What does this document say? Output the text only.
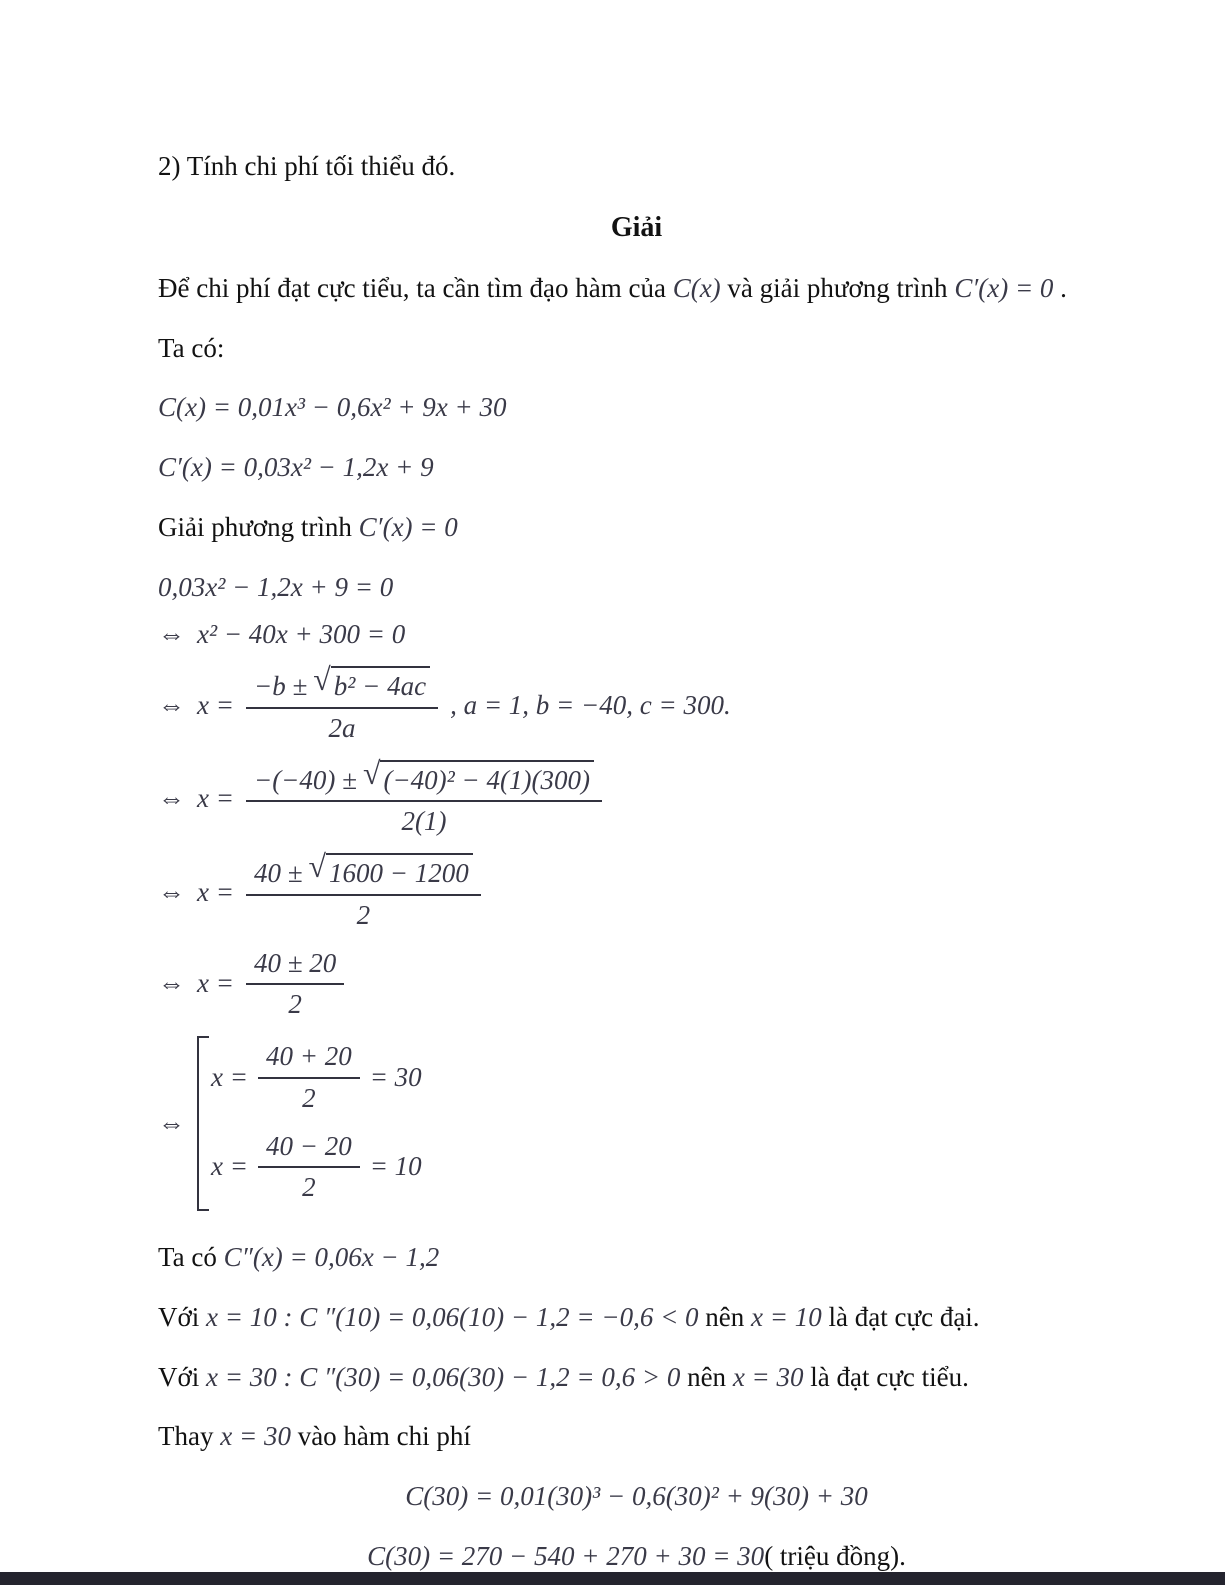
2) Tính chi phí tối thiểu đó.

Giải

Để chi phí đạt cực tiểu, ta cần tìm đạo hàm của C(x) và giải phương trình C′(x) = 0 .

Ta có:

C(x) = 0,01x³ − 0,6x² + 9x + 30

C′(x) = 0,03x² − 1,2x + 9

Giải phương trình C′(x) = 0

0,03x² − 1,2x + 9 = 0

⇔ x² − 40x + 300 = 0
⇔ $x = \frac{\text{−b ± √ b² − 4ac}}{2a}$ , a = 1, b = −40, c = 300.
⇔ $x = \frac{\text{−(−40) ± √ (−40)² − 4(1)(300)}}{2(1)}$
⇔ $x = \frac{40 \pm √ 1600 - 1200}{2}$
⇔ $x = \frac{40 \pm 20}{2}$
⇔
$x = \frac{40 + 20}{2} = 30$
$x = \frac{40 - 20}{2} = 10$

Ta có C″(x) = 0,06x − 1,2

Với x = 10 : C ″(10) = 0,06(10) − 1,2 = −0,6 < 0 nên x = 10 là đạt cực đại.

Với x = 30 : C ″(30) = 0,06(30) − 1,2 = 0,6 > 0 nên x = 30 là đạt cực tiểu.

Thay x = 30 vào hàm chi phí

C(30) = 0,01(30)³ − 0,6(30)² + 9(30) + 30

C(30) = 270 − 540 + 270 + 30 = 30( triệu đồng).
